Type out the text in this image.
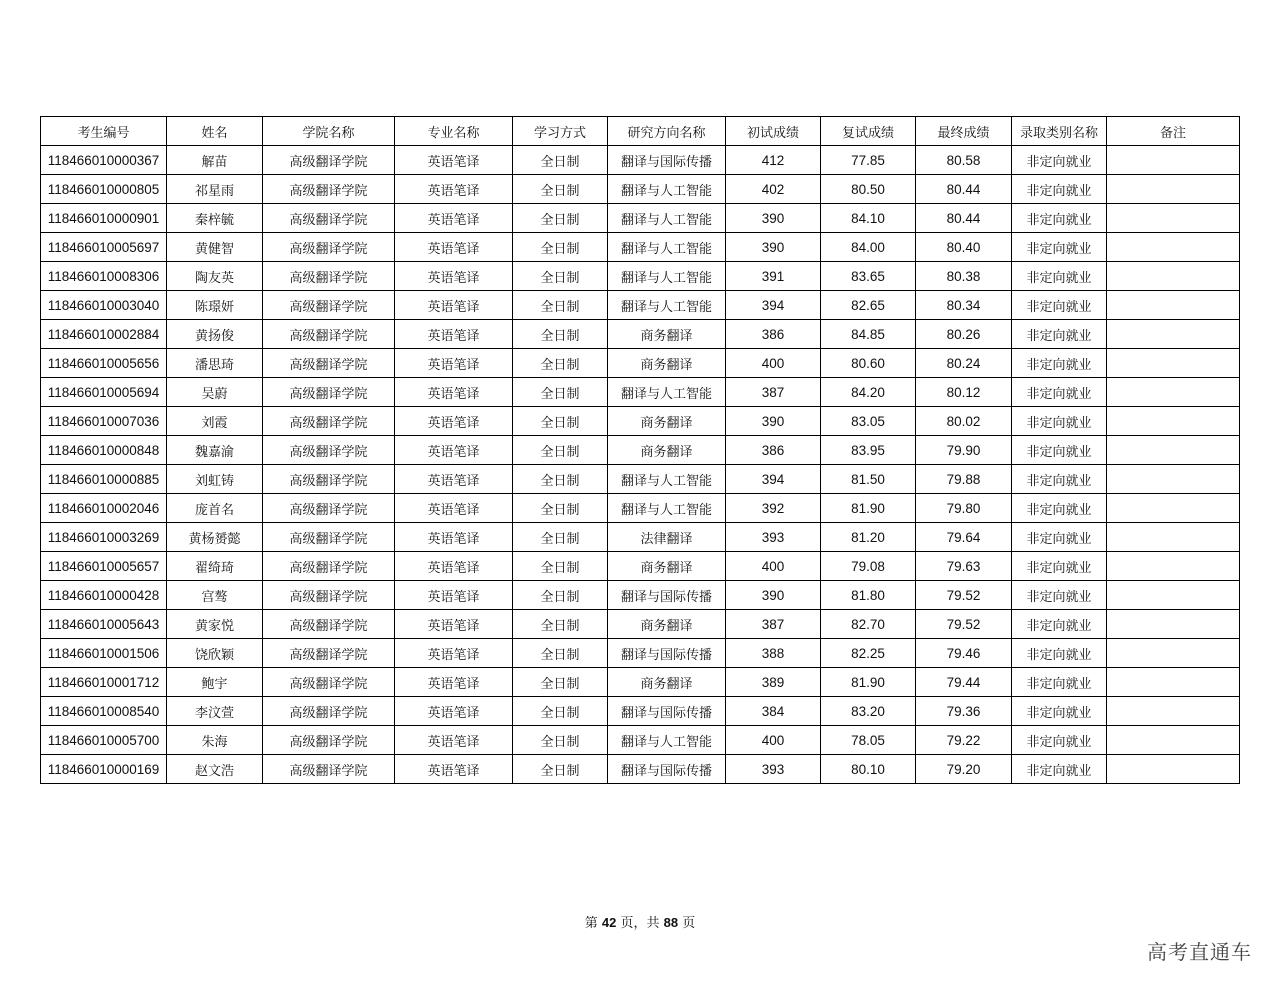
考生编号	姓名	学院名称	专业名称	学习方式	研究方向名称	初试成绩	复试成绩	最终成绩	录取类别名称	备注
118466010000367	解苗	高级翻译学院	英语笔译	全日制	翻译与国际传播	412	77.85	80.58	非定向就业	
118466010000805	祁星雨	高级翻译学院	英语笔译	全日制	翻译与人工智能	402	80.50	80.44	非定向就业	
118466010000901	秦梓毓	高级翻译学院	英语笔译	全日制	翻译与人工智能	390	84.10	80.44	非定向就业	
118466010005697	黄健智	高级翻译学院	英语笔译	全日制	翻译与人工智能	390	84.00	80.40	非定向就业	
118466010008306	陶友英	高级翻译学院	英语笔译	全日制	翻译与人工智能	391	83.65	80.38	非定向就业	
118466010003040	陈璟妍	高级翻译学院	英语笔译	全日制	翻译与人工智能	394	82.65	80.34	非定向就业	
118466010002884	黄扬俊	高级翻译学院	英语笔译	全日制	商务翻译	386	84.85	80.26	非定向就业	
118466010005656	潘思琦	高级翻译学院	英语笔译	全日制	商务翻译	400	80.60	80.24	非定向就业	
118466010005694	吴蔚	高级翻译学院	英语笔译	全日制	翻译与人工智能	387	84.20	80.12	非定向就业	
118466010007036	刘霞	高级翻译学院	英语笔译	全日制	商务翻译	390	83.05	80.02	非定向就业	
118466010000848	魏嘉渝	高级翻译学院	英语笔译	全日制	商务翻译	386	83.95	79.90	非定向就业	
118466010000885	刘虹铸	高级翻译学院	英语笔译	全日制	翻译与人工智能	394	81.50	79.88	非定向就业	
118466010002046	庞首名	高级翻译学院	英语笔译	全日制	翻译与人工智能	392	81.90	79.80	非定向就业	
118466010003269	黄杨赟懿	高级翻译学院	英语笔译	全日制	法律翻译	393	81.20	79.64	非定向就业	
118466010005657	翟绮琦	高级翻译学院	英语笔译	全日制	商务翻译	400	79.08	79.63	非定向就业	
118466010000428	宫骜	高级翻译学院	英语笔译	全日制	翻译与国际传播	390	81.80	79.52	非定向就业	
118466010005643	黄家悦	高级翻译学院	英语笔译	全日制	商务翻译	387	82.70	79.52	非定向就业	
118466010001506	饶欣颖	高级翻译学院	英语笔译	全日制	翻译与国际传播	388	82.25	79.46	非定向就业	
118466010001712	鲍宇	高级翻译学院	英语笔译	全日制	商务翻译	389	81.90	79.44	非定向就业	
118466010008540	李汶萱	高级翻译学院	英语笔译	全日制	翻译与国际传播	384	83.20	79.36	非定向就业	
118466010005700	朱海	高级翻译学院	英语笔译	全日制	翻译与人工智能	400	78.05	79.22	非定向就业	
118466010000169	赵文浩	高级翻译学院	英语笔译	全日制	翻译与国际传播	393	80.10	79.20	非定向就业	
第 42 页，共 88 页
高考直通车
